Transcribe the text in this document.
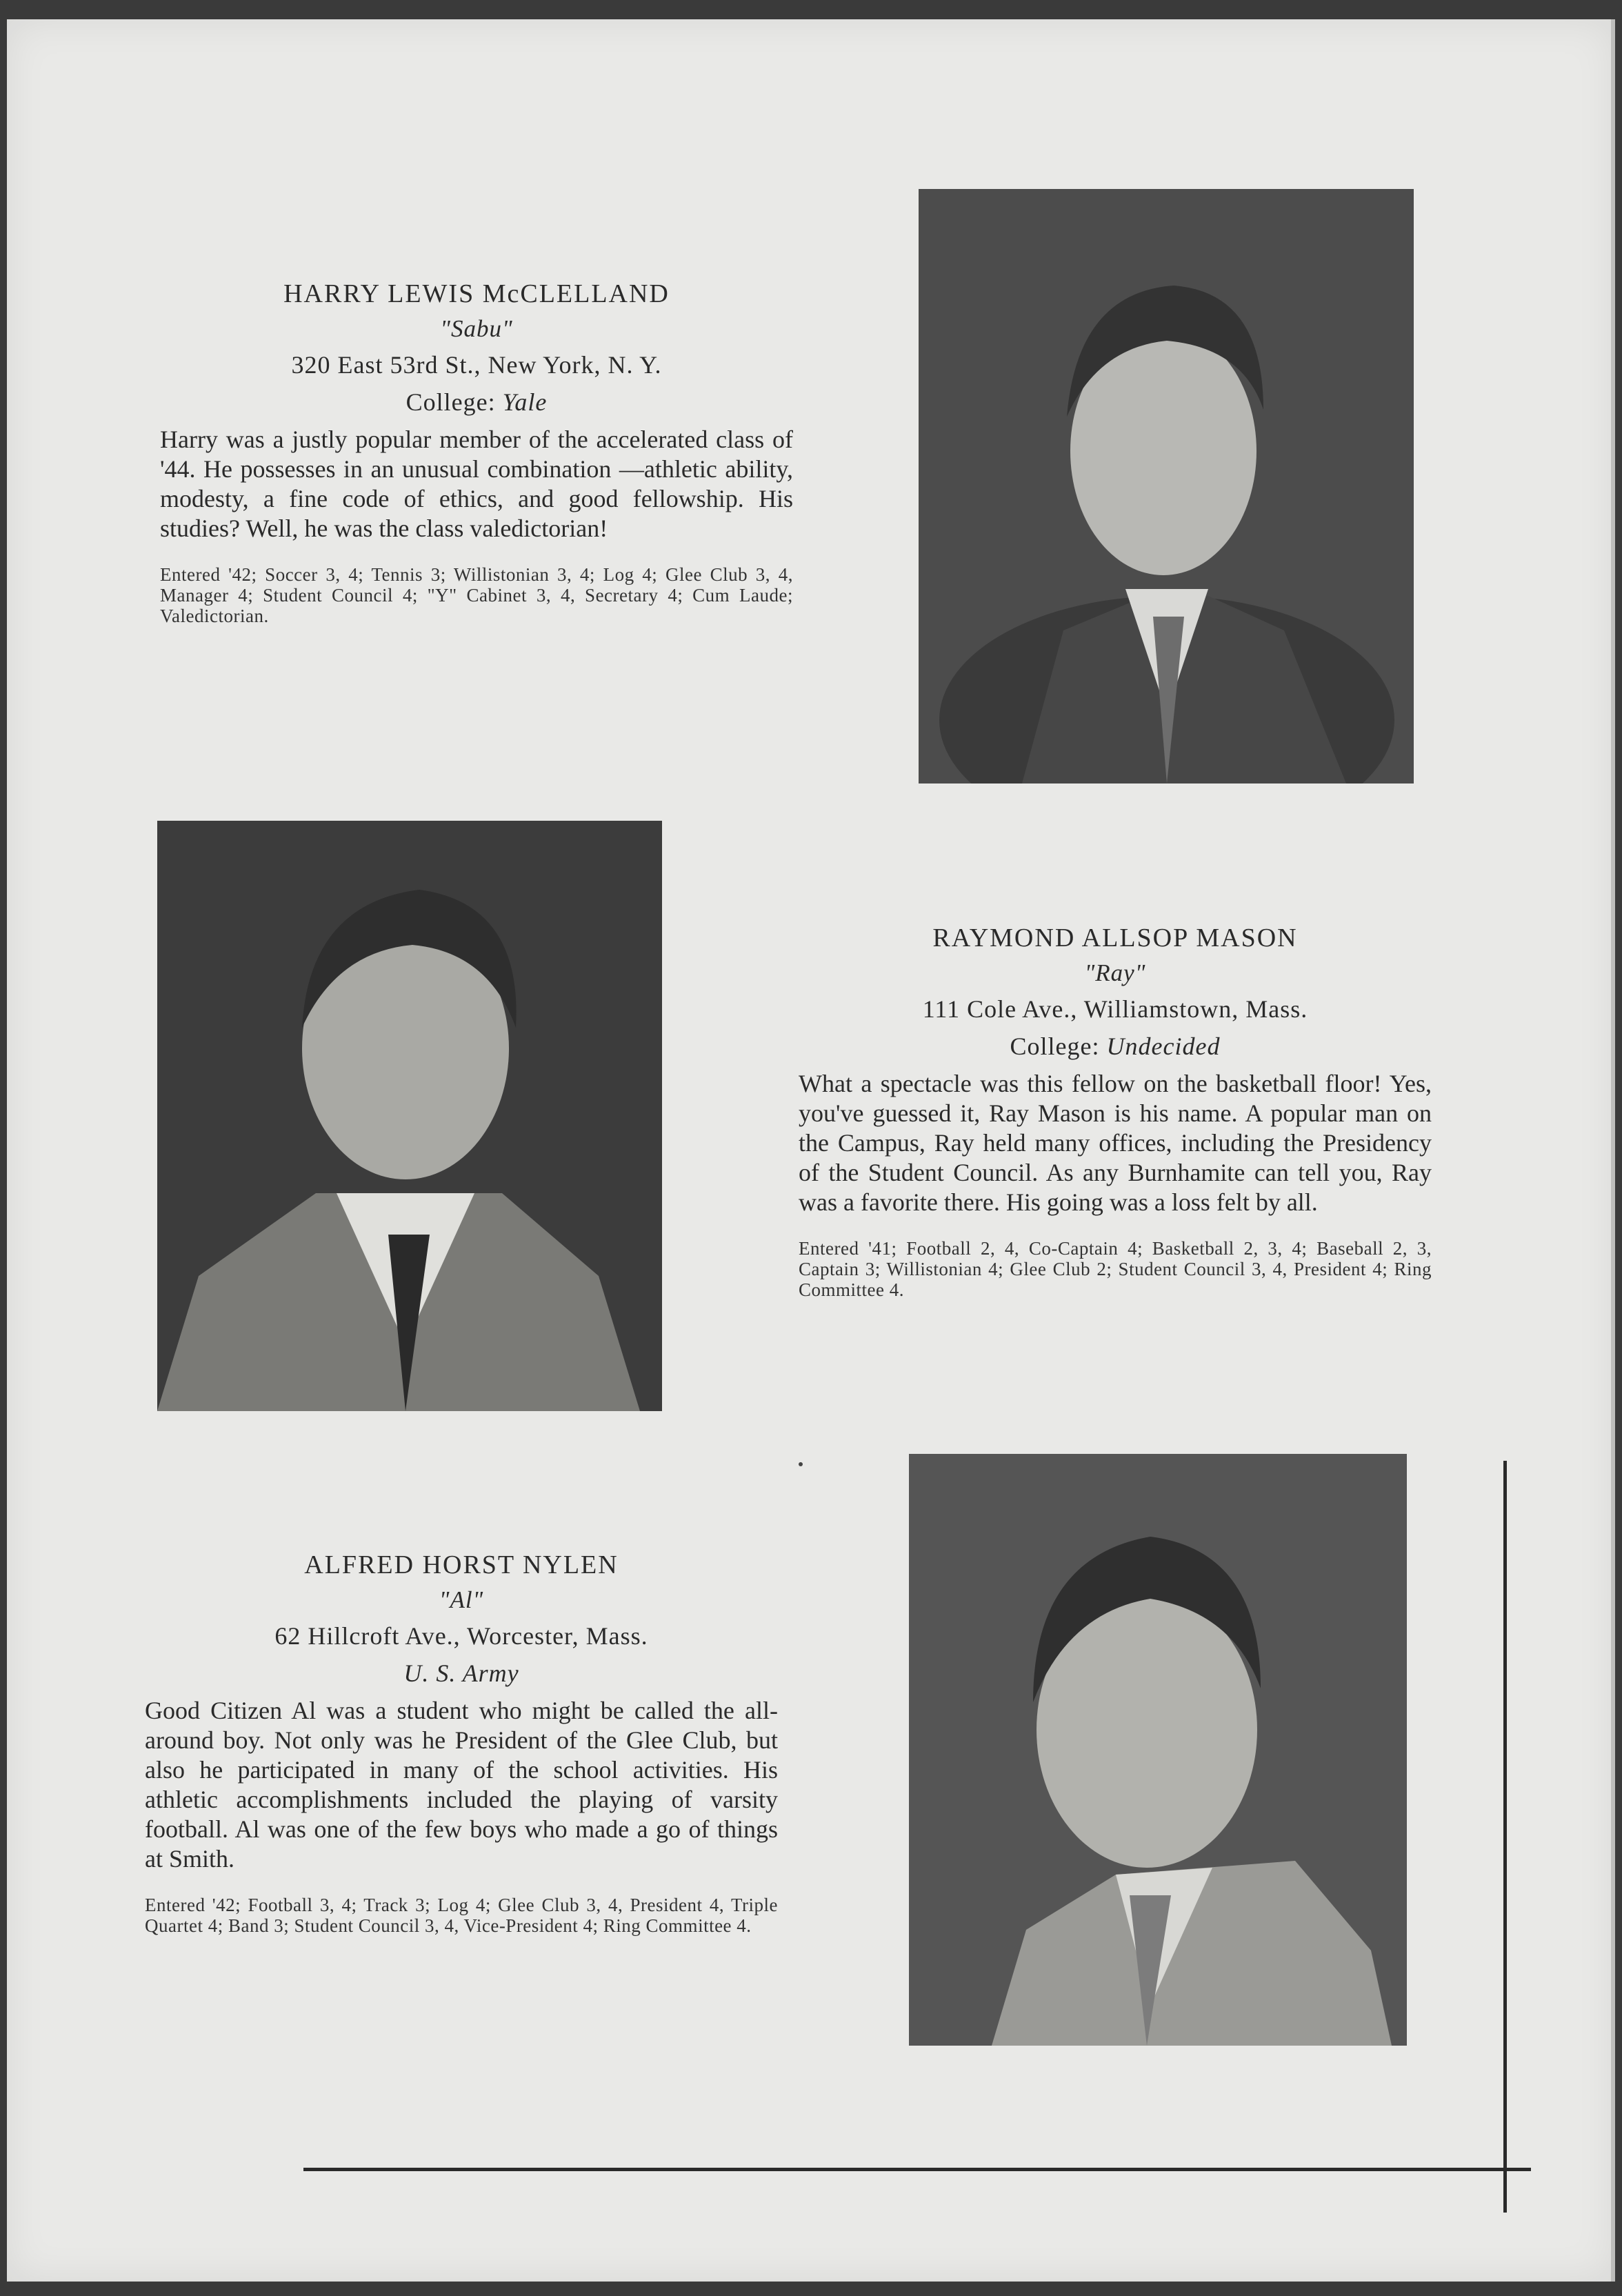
HARRY LEWIS McCLELLAND

"Sabu"

320 East 53rd St., New York, N. Y.

College: Yale

Harry was a justly popular member of the accelerated class of '44. He possesses in an unusual combination —athletic ability, modesty, a fine code of ethics, and good fellowship. His studies? Well, he was the class valedictorian!

Entered '42; Soccer 3, 4; Tennis 3; Willistonian 3, 4; Log 4; Glee Club 3, 4, Manager 4; Student Council 4; "Y" Cabinet 3, 4, Secretary 4; Cum Laude; Valedictorian.

RAYMOND ALLSOP MASON

"Ray"

111 Cole Ave., Williamstown, Mass.

College: Undecided

What a spectacle was this fellow on the basketball floor! Yes, you've guessed it, Ray Mason is his name. A popular man on the Campus, Ray held many offices, including the Presidency of the Student Council. As any Burnhamite can tell you, Ray was a favorite there. His going was a loss felt by all.

Entered '41; Football 2, 4, Co-Captain 4; Basketball 2, 3, 4; Baseball 2, 3, Captain 3; Willistonian 4; Glee Club 2; Student Council 3, 4, President 4; Ring Committee 4.

ALFRED HORST NYLEN

"Al"

62 Hillcroft Ave., Worcester, Mass.

U. S. Army

Good Citizen Al was a student who might be called the all-around boy. Not only was he President of the Glee Club, but also he participated in many of the school activities. His athletic accomplishments included the playing of varsity football. Al was one of the few boys who made a go of things at Smith.

Entered '42; Football 3, 4; Track 3; Log 4; Glee Club 3, 4, President 4, Triple Quartet 4; Band 3; Student Council 3, 4, Vice-President 4; Ring Committee 4.
